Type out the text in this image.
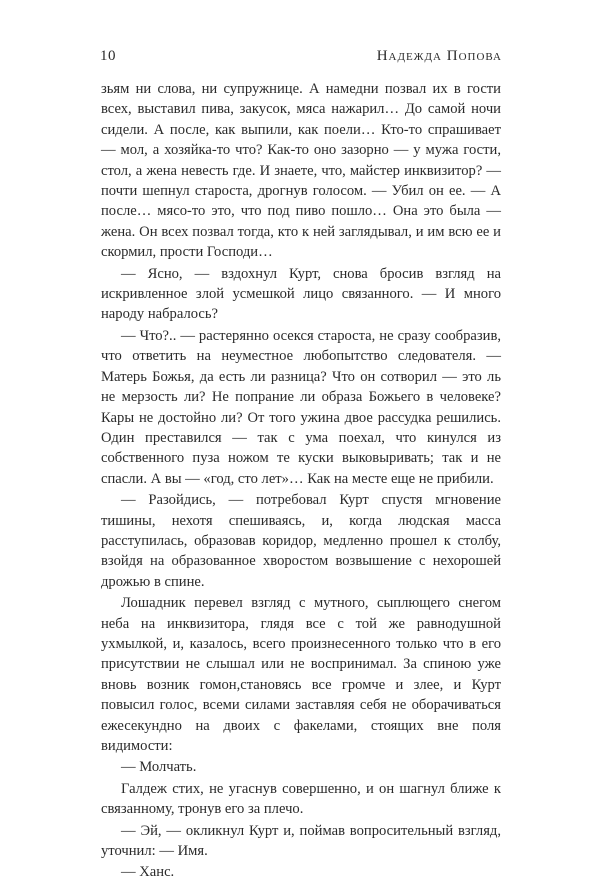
10	Надежда Попова

зьям ни слова, ни супружнице. А намедни позвал их в гости всех, выставил пива, закусок, мяса нажарил… До самой ночи сидели. А после, как выпили, как поели… Кто-то спрашивает — мол, а хозяйка-то что? Как-то оно зазорно — у мужа гости, стол, а жена невесть где. И знаете, что, майстер инквизитор? — почти шепнул староста, дрогнув голосом. — Убил он ее. — А после… мясо-то это, что под пиво пошло… Она это была — жена. Он всех позвал тогда, кто к ней заглядывал, и им всю ее и скормил, прости Господи…

— Ясно, — вздохнул Курт, снова бросив взгляд на искривленное злой усмешкой лицо связанного. — И много народу набралось?

— Что?.. — растерянно осекся староста, не сразу сообразив, что ответить на неуместное любопытство следователя. — Матерь Божья, да есть ли разница? Что он сотворил — это ль не мерзость ли? Не попрание ли образа Божьего в человеке? Кары не достойно ли? От того ужина двое рассудка решились. Один преставился — так с ума поехал, что кинулся из собственного пуза ножом те куски выковыривать; так и не спасли. А вы — «год, сто лет»… Как на месте еще не прибили.

— Разойдись, — потребовал Курт спустя мгновение тишины, нехотя спешиваясь, и, когда людская масса расступилась, образовав коридор, медленно прошел к столбу, взойдя на образованное хворостом возвышение с нехорошей дрожью в спине.

Лошадник перевел взгляд с мутного, сыплющего снегом неба на инквизитора, глядя все с той же равнодушной ухмылкой, и, казалось, всего произнесенного только что в его присутствии не слышал или не воспринимал. За спиною уже вновь возник гомон,становясь все громче и злее, и Курт повысил голос, всеми силами заставляя себя не оборачиваться ежесекундно на двоих с факелами, стоящих вне поля видимости:

— Молчать.

Галдеж стих, не угаснув совершенно, и он шагнул ближе к связанному, тронув его за плечо.

— Эй, — окликнул Курт и, поймав вопросительный взгляд, уточнил: — Имя.

— Ханс.
